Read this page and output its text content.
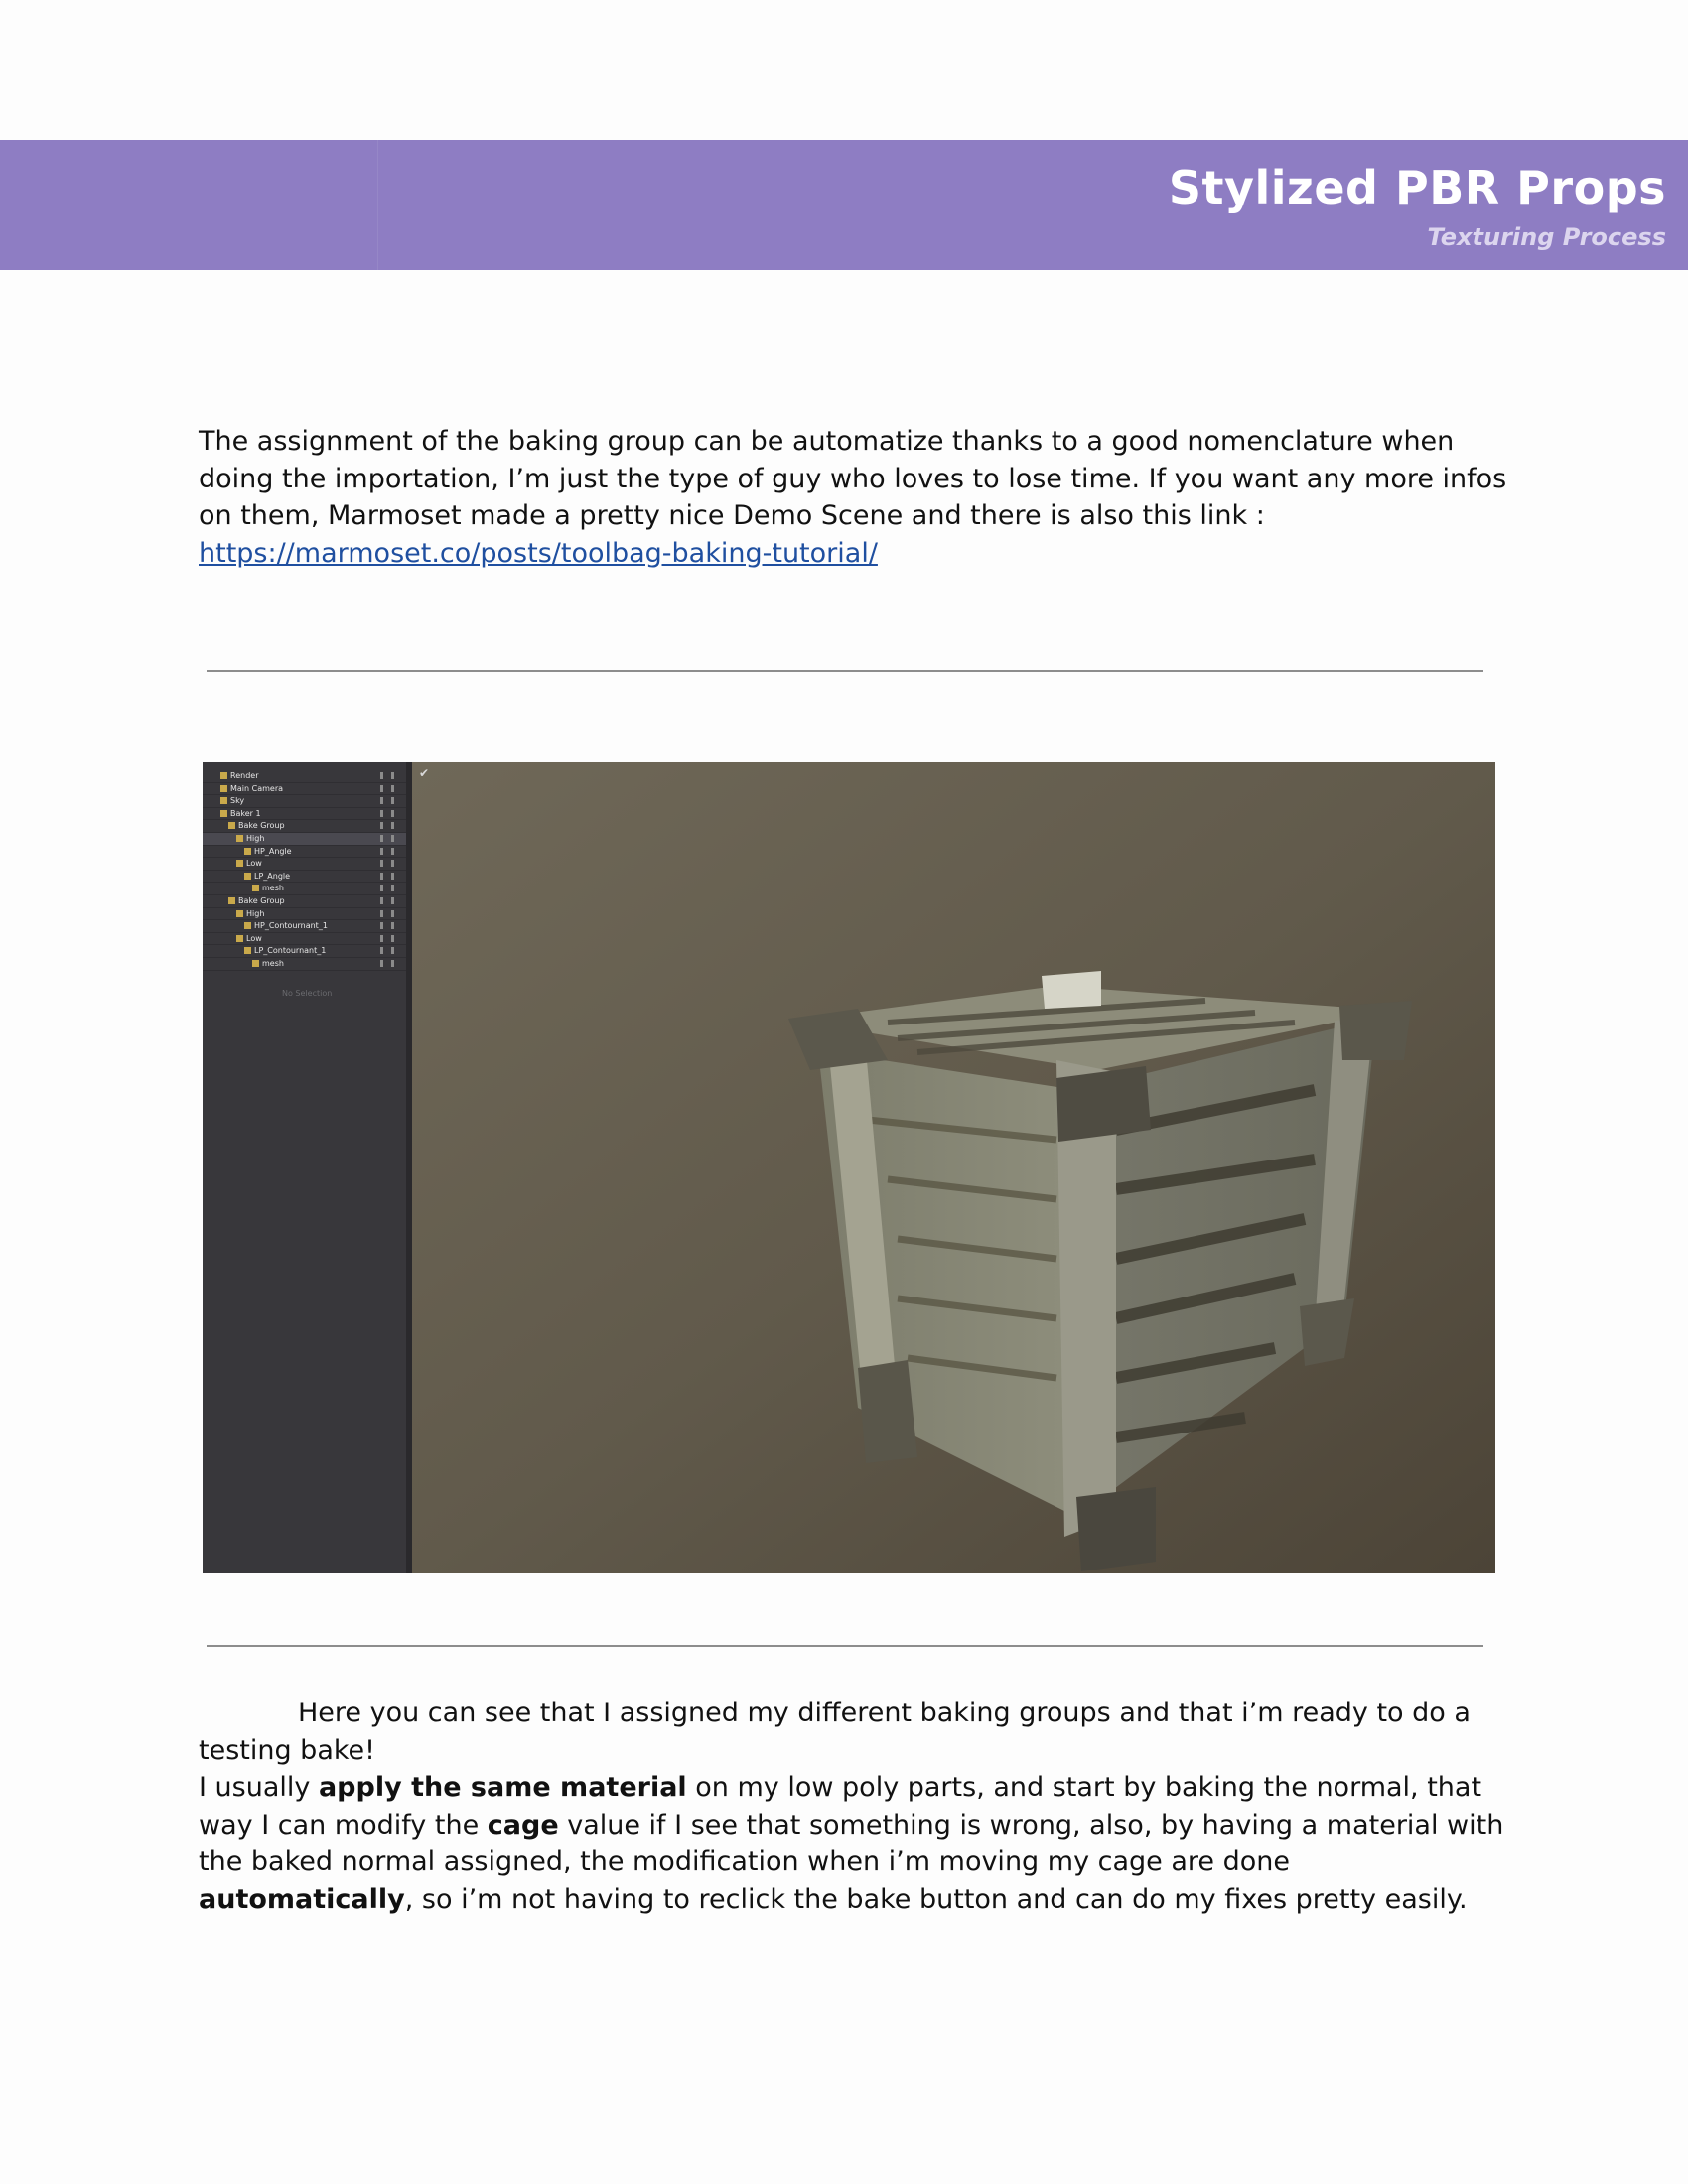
Stylized PBR Props
Texturing Process
The assignment of the baking group can be automatize thanks to a good nomenclature when doing the importation, I’m just the type of guy who loves to lose time. If you want any more infos on them, Marmoset made a pretty nice Demo Scene and there is also this link :
https://marmoset.co/posts/toolbag-baking-tutorial/
Render
Main Camera
Sky
Baker 1
Bake Group
High
HP_Angle
Low
LP_Angle
mesh
Bake Group
High
HP_Contournant_1
Low
LP_Contournant_1
mesh
No Selection
✔
Here you can see that I assigned my different baking groups and that i’m ready to do a testing bake!
I usually apply the same material on my low poly parts, and start by baking the normal, that way I can modify the cage value if I see that something is wrong, also, by having a material with the baked normal assigned, the modification when i’m moving my cage are done automatically, so i’m not having to reclick the bake button and can do my fixes pretty easily.
